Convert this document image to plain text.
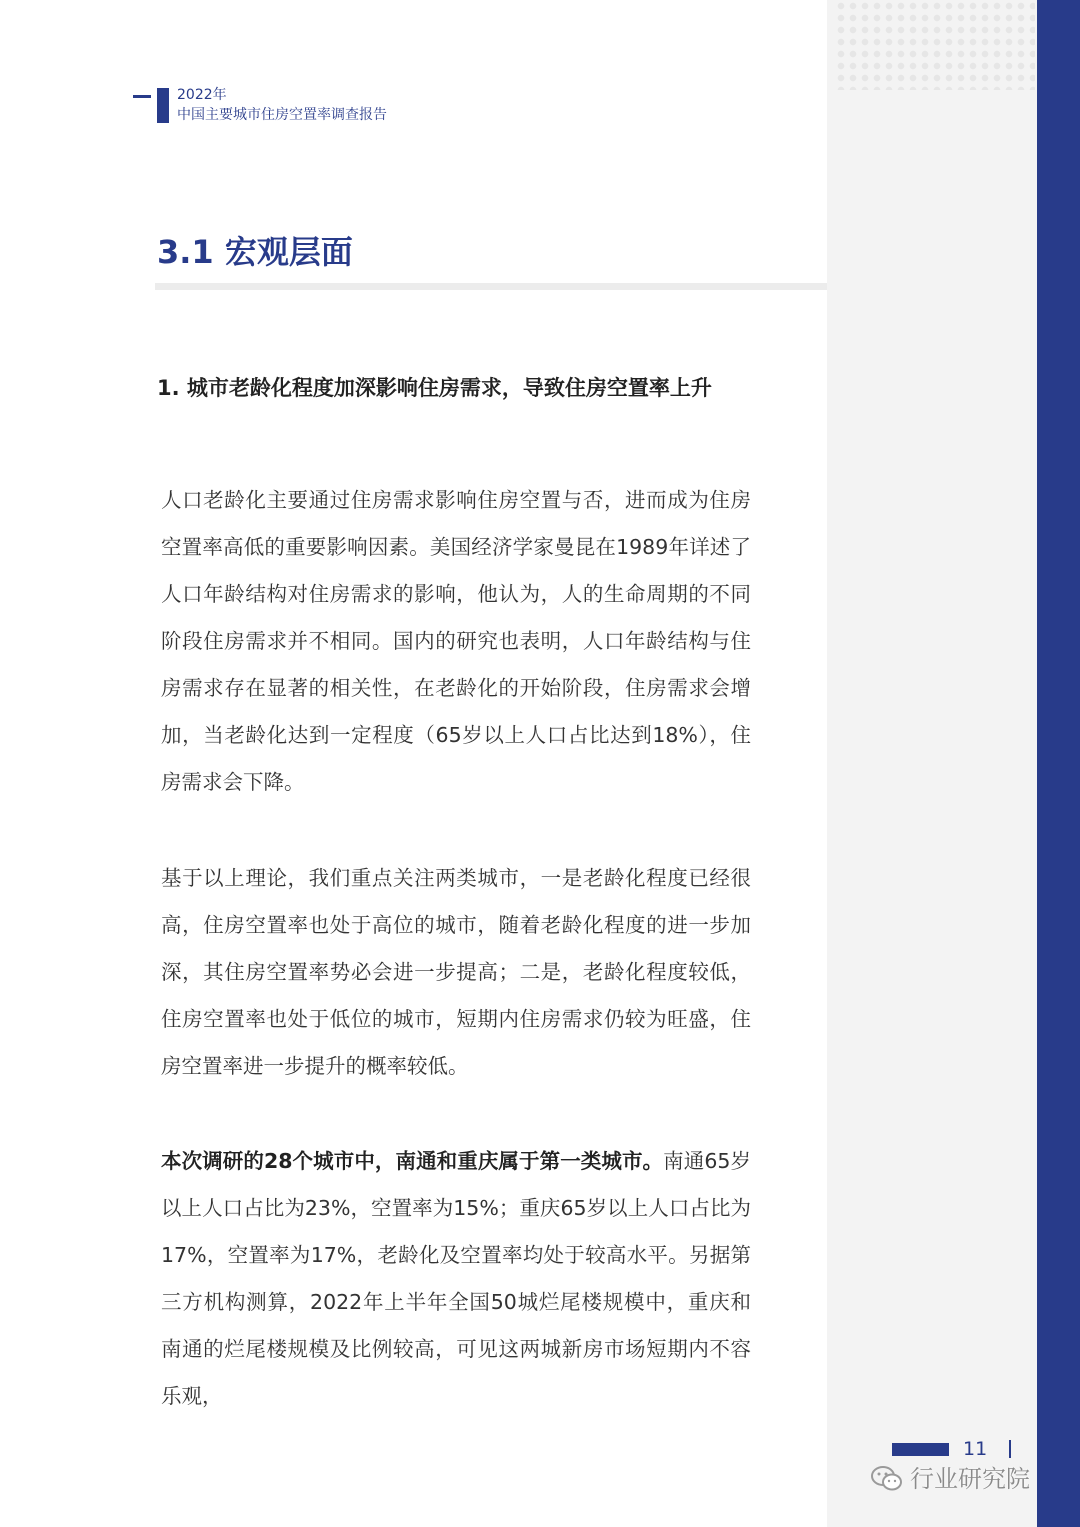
2022年
中国主要城市住房空置率调查报告
3.1 宏观层面
1. 城市老龄化程度加深影响住房需求，导致住房空置率上升

人口老龄化主要通过住房需求影响住房空置与否，进而成为住房空置率高低的重要影响因素。美国经济学家曼昆在1989年详述了人口年龄结构对住房需求的影响，他认为，人的生命周期的不同阶段住房需求并不相同。国内的研究也表明，人口年龄结构与住房需求存在显著的相关性，在老龄化的开始阶段，住房需求会增加，当老龄化达到一定程度（65岁以上人口占比达到18%），住房需求会下降。

基于以上理论，我们重点关注两类城市，一是老龄化程度已经很高，住房空置率也处于高位的城市，随着老龄化程度的进一步加深，其住房空置率势必会进一步提高；二是，老龄化程度较低，住房空置率也处于低位的城市，短期内住房需求仍较为旺盛，住房空置率进一步提升的概率较低。

本次调研的28个城市中，南通和重庆属于第一类城市。南通65岁以上人口占比为23%，空置率为15%；重庆65岁以上人口占比为17%，空置率为17%，老龄化及空置率均处于较高水平。另据第三方机构测算，2022年上半年全国50城烂尾楼规模中，重庆和南通的烂尾楼规模及比例较高，可见这两城新房市场短期内不容乐观，

11
行业研究院
